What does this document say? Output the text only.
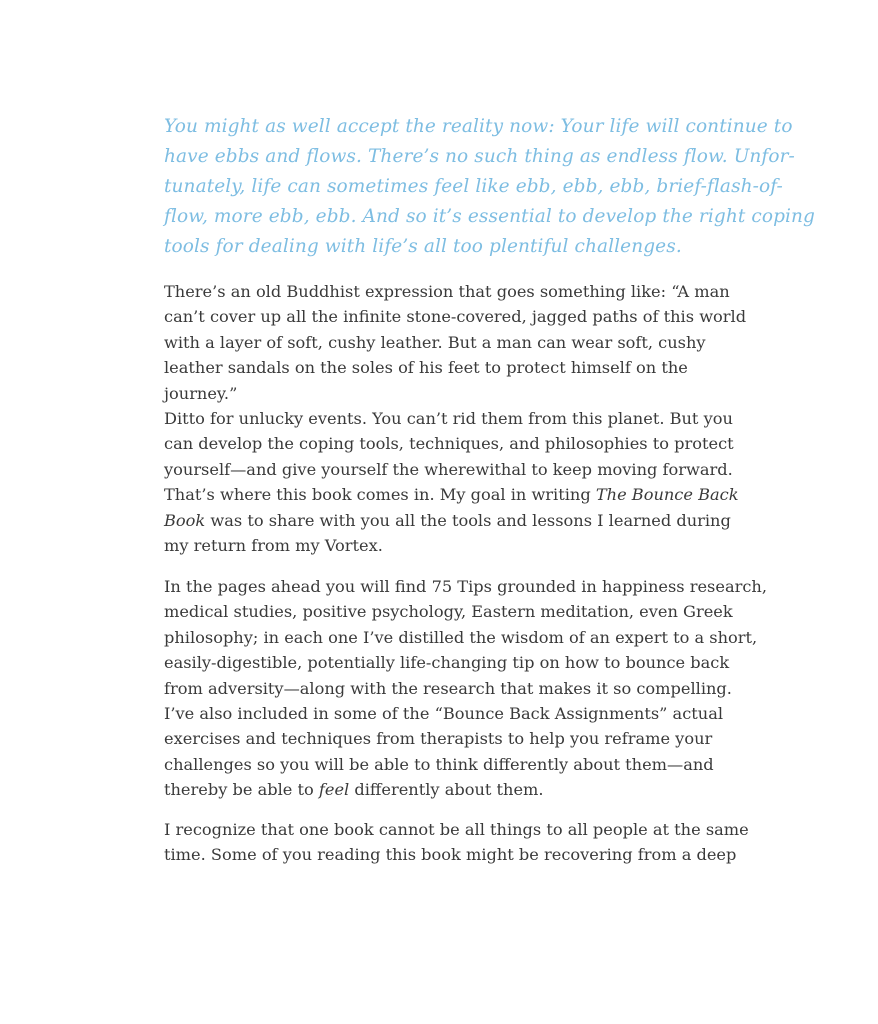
You might as well accept the reality now: Your life will continue to
have ebbs and flows. There’s no such thing as endless flow. Unfor-
tunately, life can sometimes feel like ebb, ebb, ebb, brief-flash-of-
flow, more ebb, ebb. And so it’s essential to develop the right coping
tools for dealing with life’s all too plentiful challenges.

There’s an old Buddhist expression that goes something like: “A man
can’t cover up all the infinite stone-covered, jagged paths of this world
with a layer of soft, cushy leather. But a man can wear soft, cushy
leather sandals on the soles of his feet to protect himself on the
journey.”
Ditto for unlucky events. You can’t rid them from this planet. But you
can develop the coping tools, techniques, and philosophies to protect
yourself—and give yourself the wherewithal to keep moving forward.
That’s where this book comes in. My goal in writing The Bounce Back
Book was to share with you all the tools and lessons I learned during
my return from my Vortex.

In the pages ahead you will find 75 Tips grounded in happiness research,
medical studies, positive psychology, Eastern meditation, even Greek
philosophy; in each one I’ve distilled the wisdom of an expert to a short,
easily-digestible, potentially life-changing tip on how to bounce back
from adversity—along with the research that makes it so compelling.
I’ve also included in some of the “Bounce Back Assignments” actual
exercises and techniques from therapists to help you reframe your
challenges so you will be able to think differently about them—and
thereby be able to feel differently about them.

I recognize that one book cannot be all things to all people at the same
time. Some of you reading this book might be recovering from a deep
